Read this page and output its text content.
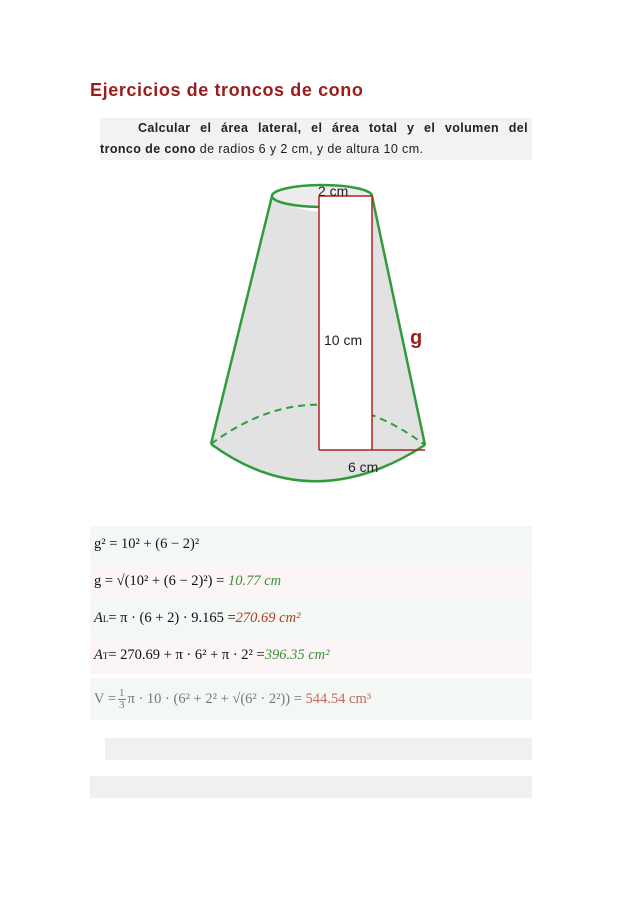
Ejercicios de troncos de cono
Calcular el área lateral, el área total y el volumen del
tronco de cono de radios 6 y 2 cm, y de altura 10 cm.
2 cm
10 cm g
6 cm
g² = 10² + (6 − 2)²
g = √(10² + (6 − 2)²) =
10.77 cm
A L = π · (6 + 2) · 9.165 = 270.69 cm²
A T = 270.69 + π · 6² + π · 2² = 396.35 cm²
$V = \frac{1}{3}$ π · 10 · (6² + 2² + √(6² · 2²)) =
544.54 cm³
